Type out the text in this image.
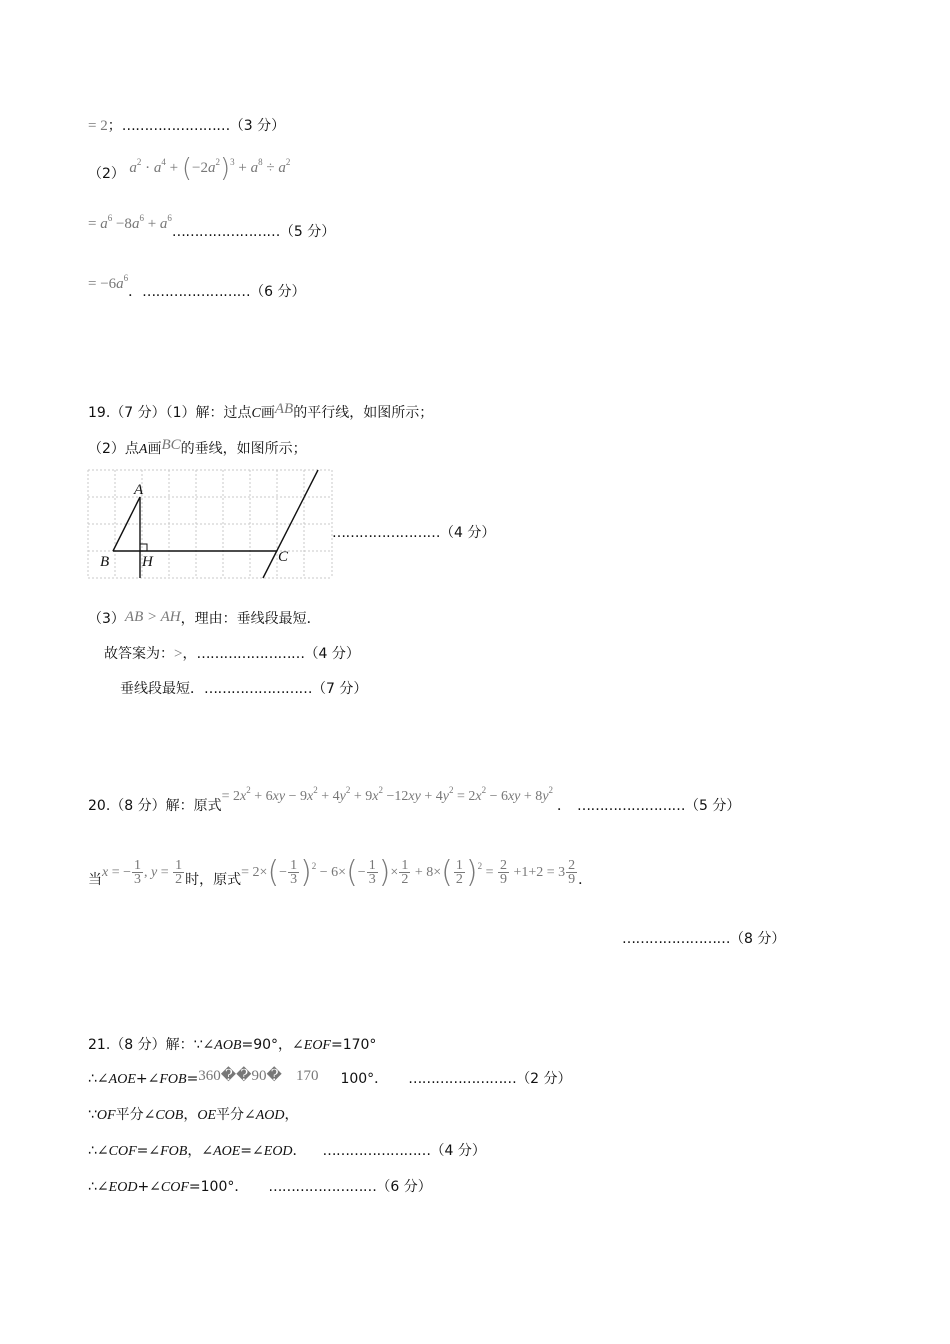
= 2；……………………（3 分）
（2） $a^2 \cdot a^4 + (-2a^2)^3 + a^8 \div a^2$
= $a^6 -8a^6$ + $a^6\dots\dots\dots\dots\dots\dots\dots\dots(5$ 分）
= $-6a^6$．……………………（6 分）
19.（7 分）（1）解：过点C画AB的平行线，如图所示；
（2）点A画BC的垂线，如图所示；
A
B H	C
……………………（4 分）
（3）AB > AH，理由：垂线段最短．
故答案为：>，……………………（4 分）
垂线段最短．……………………（7 分）
20.（8 分）解：原式= $2x^2 + 6xy - 9x^2 + 4y^2 + 9x^2 -12xy + 4y^2 = 2x^2 - 6xy + 8y^2$． ……………………（5 分）
当x = − $\frac{1}{3}$ , $y = \frac{1}{2}$ 时，原式= $2\times(- \frac{1}{3} )^2 - 6\times(- \frac{1}{3}$ )× $\frac{1}{2} + 8\times( \frac{1}{2} )^2 = \frac{2}{9} +1+2 = 3 \frac{2}{9}$ ．
……………………（8 分）
21.（8 分）解：∵∠AOB=90°，∠EOF=170°
∴∠AOE+∠FOB=360��90� 170 100°． ……………………（2 分）
∵OF平分∠COB，OE平分∠AOD，
∴∠COF=∠FOB，∠AOE=∠EOD． ……………………（4 分）
∴∠EOD+∠COF=100°． ……………………（6 分）
